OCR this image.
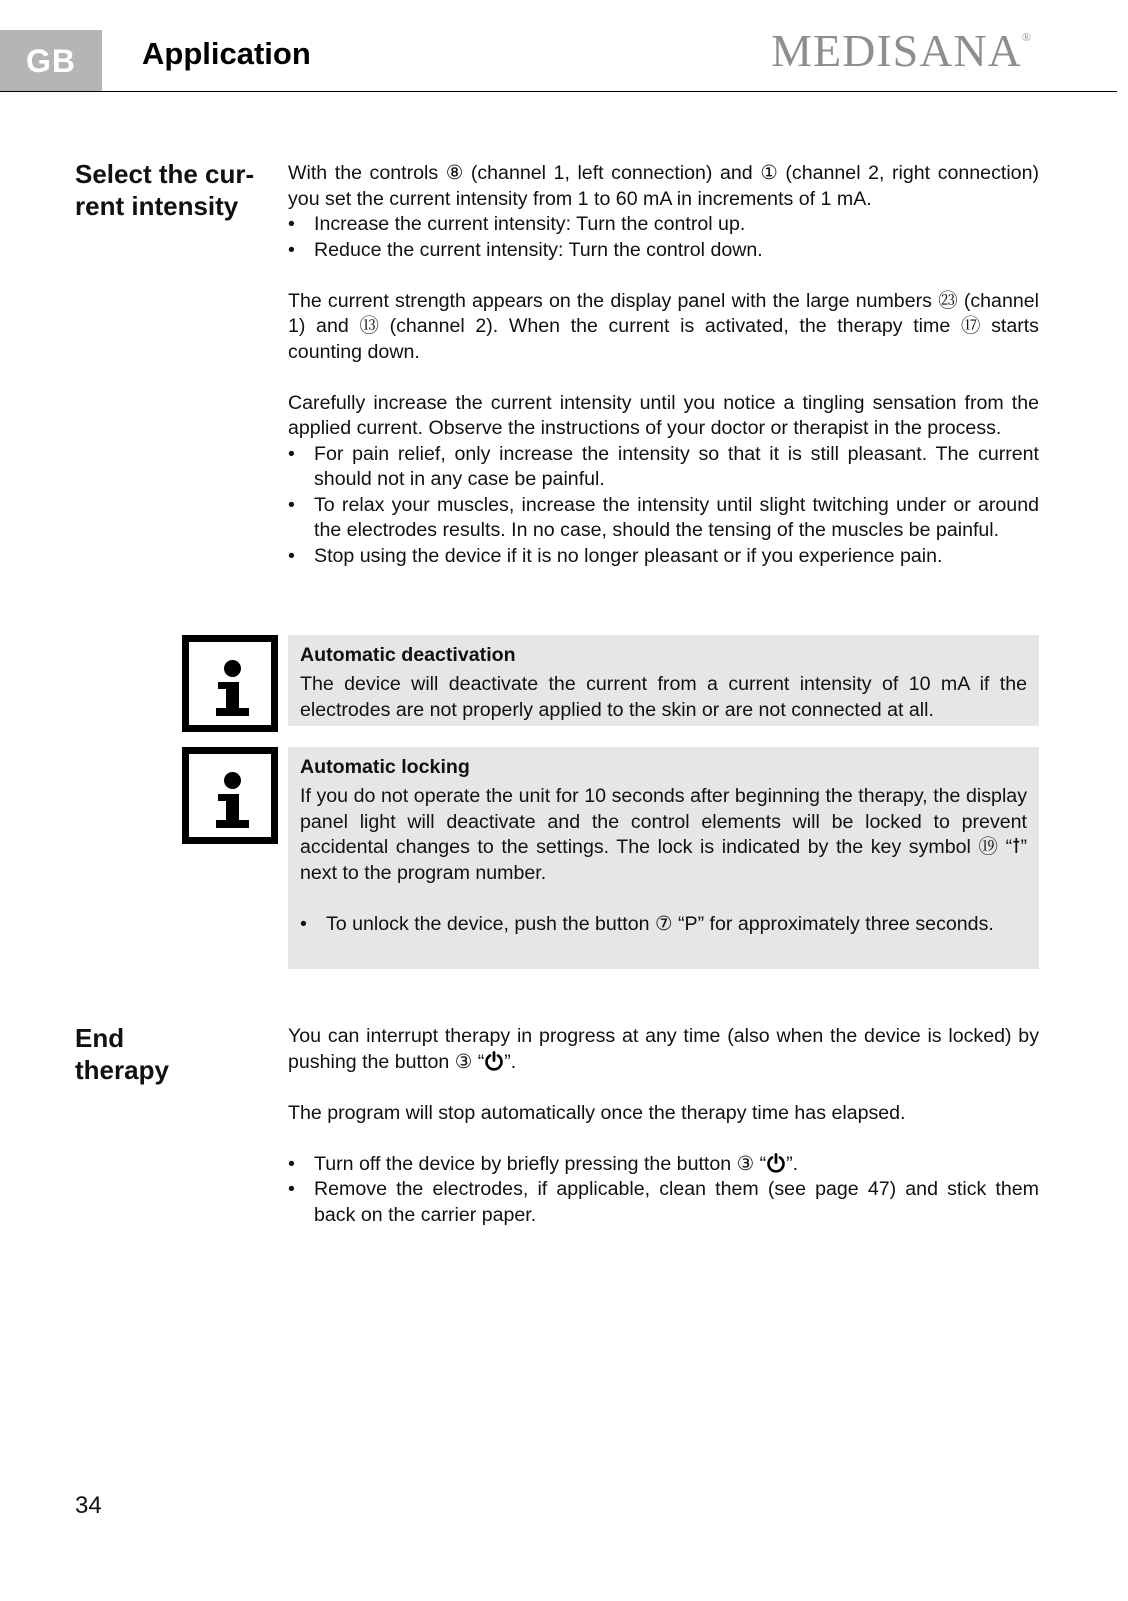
GB	Application	MEDISANA®
Select the cur-
rent intensity

With the controls ⑧ (channel 1, left connection) and ① (channel 2, right connection) you set the current intensity from 1 to 60 mA in increments of 1 mA.

• Increase the current intensity: Turn the control up.
• Reduce the current intensity: Turn the control down.

The current strength appears on the display panel with the large numbers ㉓ (channel 1) and ⑬ (channel 2). When the current is activated, the therapy time ⑰ starts counting down.

Carefully increase the current intensity until you notice a tingling sensation from the applied current. Observe the instructions of your doctor or therapist in the process.

• For pain relief, only increase the intensity so that it is still pleasant. The current should not in any case be painful.
• To relax your muscles, increase the intensity until slight twitching under or around the electrodes results. In no case, should the tensing of the muscles be painful.
• Stop using the device if it is no longer pleasant or if you experience pain.
Automatic deactivation
The device will deactivate the current from a current intensity of 10 mA if the electrodes are not properly applied to the skin or are not connected at all.
Automatic locking
If you do not operate the unit for 10 seconds after beginning the therapy, the display panel light will deactivate and the control elements will be locked to prevent accidental changes to the settings. The lock is indicated by the key symbol ⑲ “ꝉ” next to the program number.
• To unlock the device, push the button ⑦ “P” for approximately three seconds.
End
therapy

You can interrupt therapy in progress at any time (also when the device is locked) by pushing the button ③ “ ”.

The program will stop automatically once the therapy time has elapsed.

• Turn off the device by briefly pressing the button ③ “ ”.
• Remove the electrodes, if applicable, clean them (see page 47) and stick them back on the carrier paper.
34
